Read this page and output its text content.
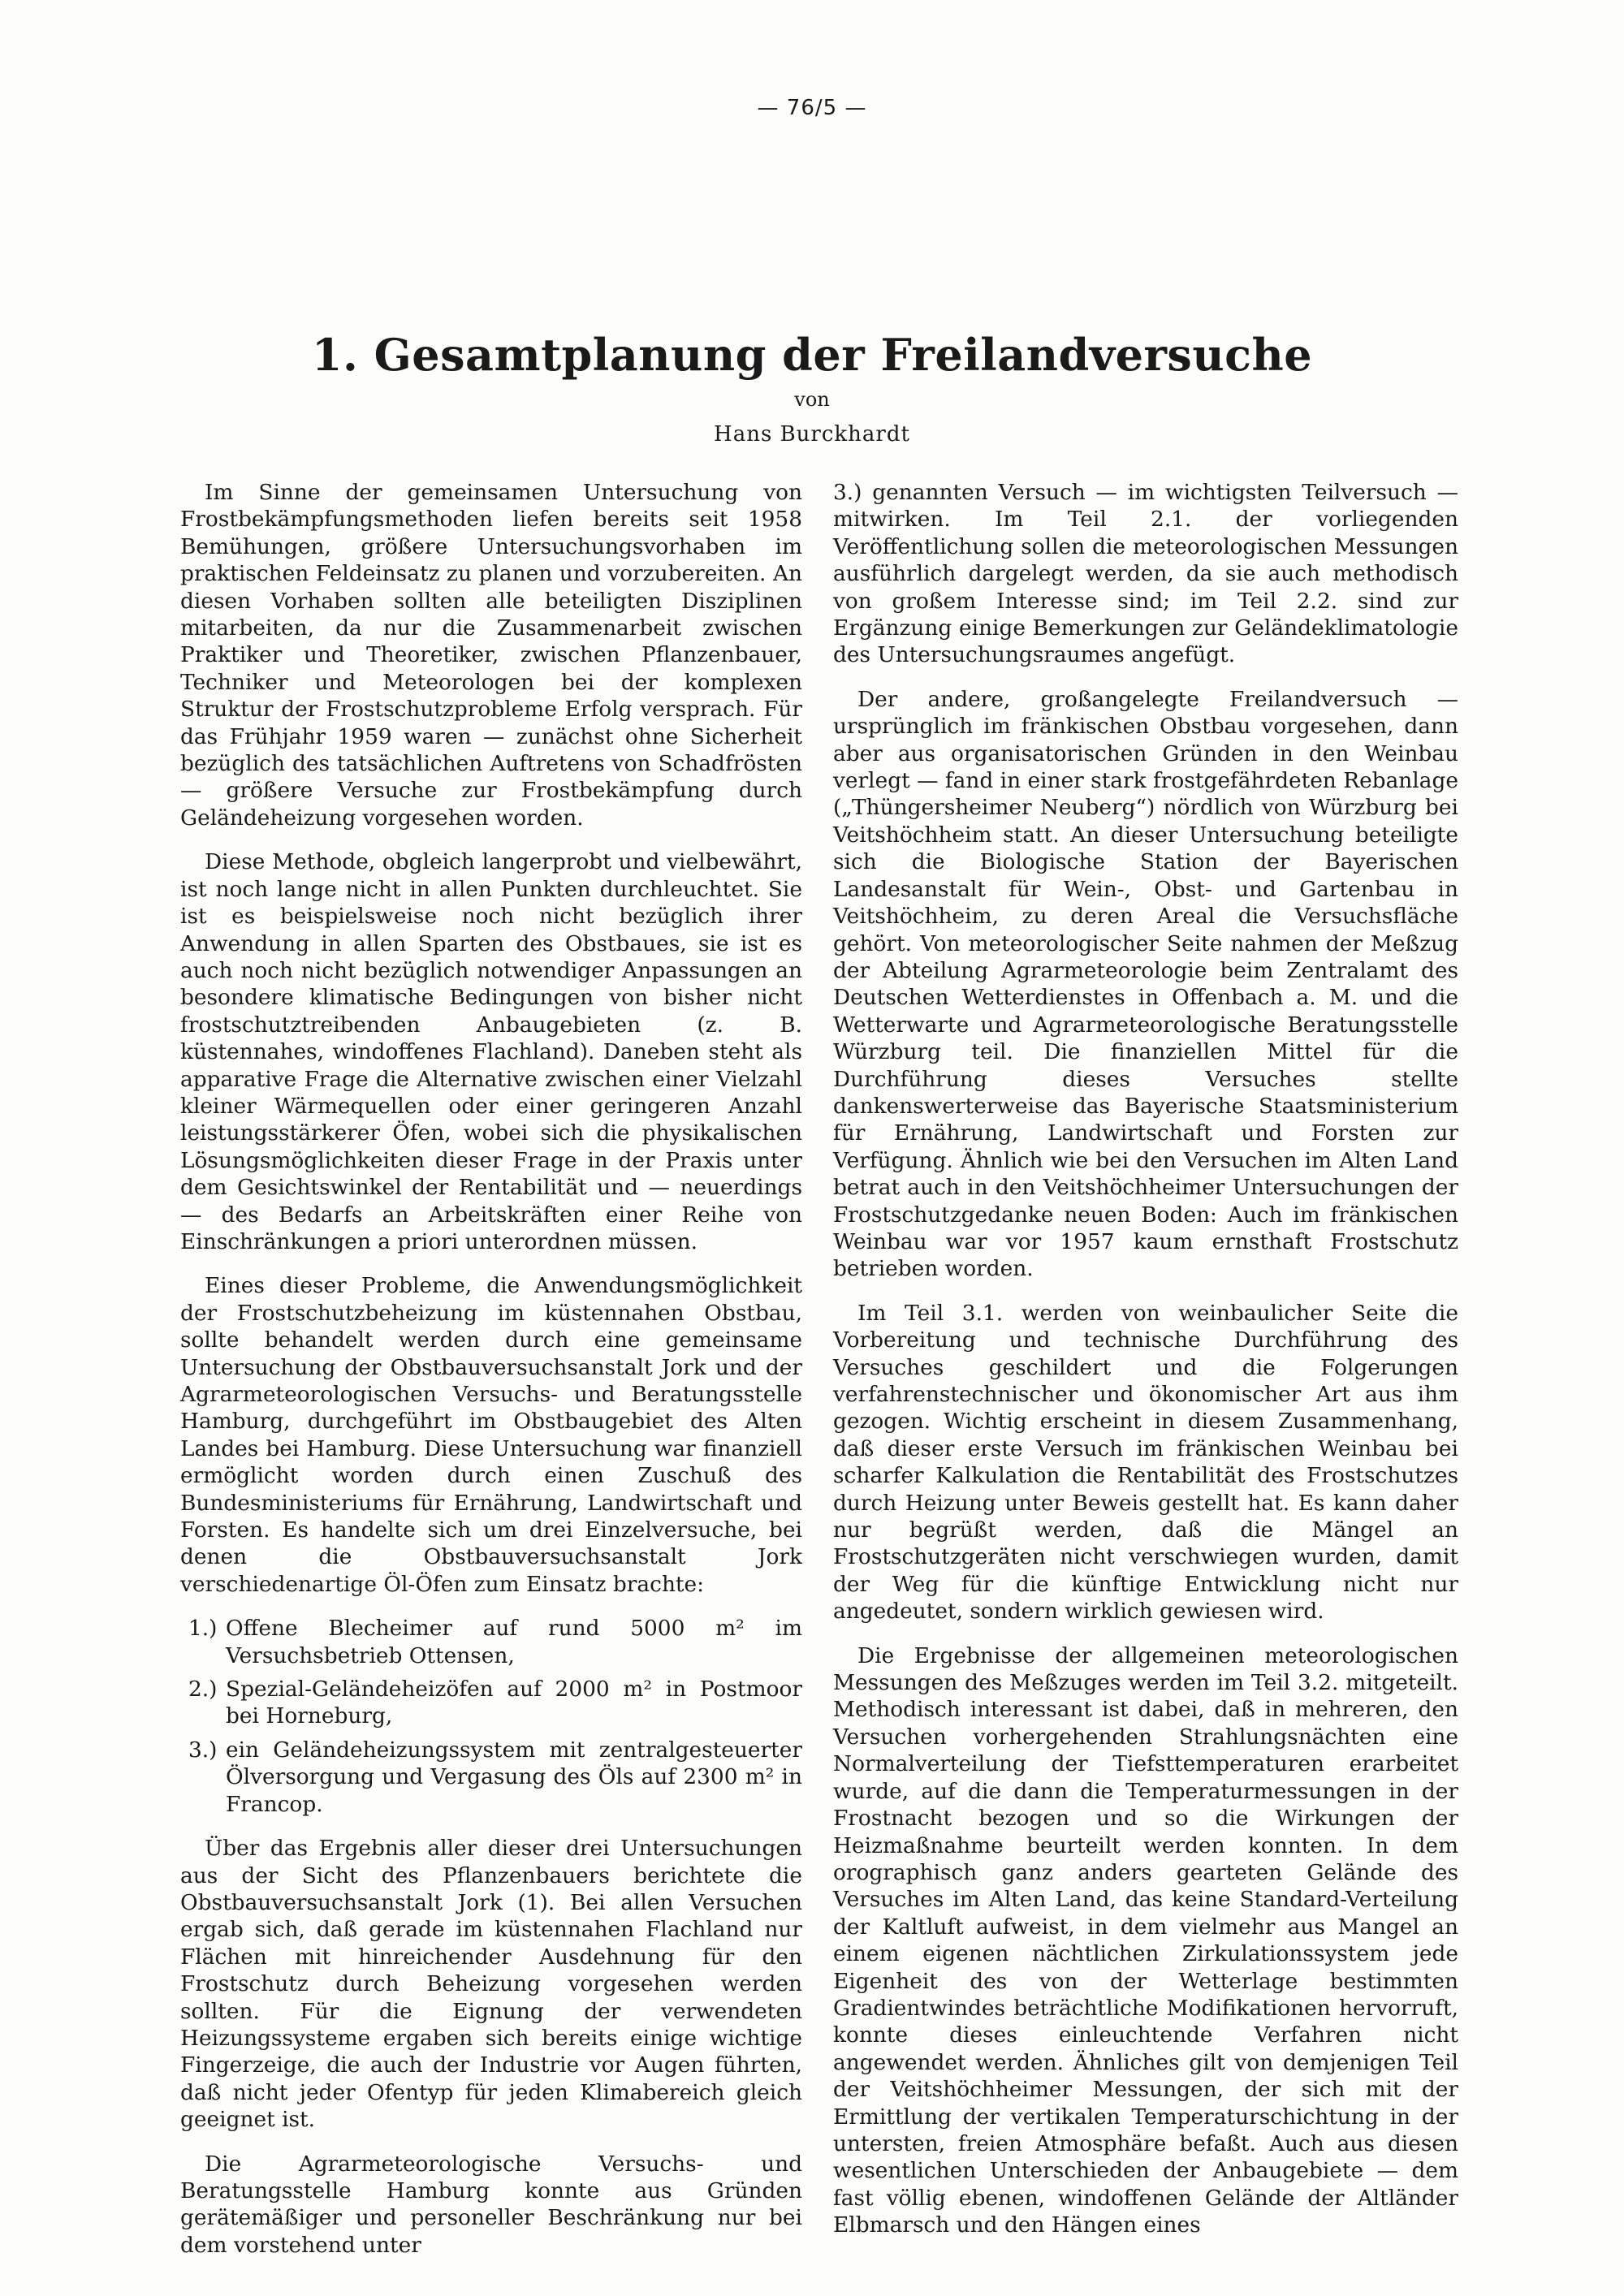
— 76/5 —
1. Gesamtplanung der Freilandversuche
von
Hans Burckhardt

Im Sinne der gemeinsamen Untersuchung von Frostbekämpfungsmethoden liefen bereits seit 1958 Bemühungen, größere Untersuchungsvorhaben im praktischen Feldeinsatz zu planen und vorzubereiten. An diesen Vorhaben sollten alle beteiligten Disziplinen mitarbeiten, da nur die Zusammenarbeit zwischen Praktiker und Theoretiker, zwischen Pflanzenbauer, Techniker und Meteorologen bei der komplexen Struktur der Frostschutzprobleme Erfolg versprach. Für das Frühjahr 1959 waren — zunächst ohne Sicherheit bezüglich des tatsächlichen Auftretens von Schadfrösten — größere Versuche zur Frostbekämpfung durch Geländeheizung vorgesehen worden.

Diese Methode, obgleich langerprobt und vielbewährt, ist noch lange nicht in allen Punkten durchleuchtet. Sie ist es beispielsweise noch nicht bezüglich ihrer Anwendung in allen Sparten des Obstbaues, sie ist es auch noch nicht bezüglich notwendiger Anpassungen an besondere klimatische Bedingungen von bisher nicht frostschutztreibenden Anbaugebieten (z. B. küstennahes, windoffenes Flachland). Daneben steht als apparative Frage die Alternative zwischen einer Vielzahl kleiner Wärmequellen oder einer geringeren Anzahl leistungsstärkerer Öfen, wobei sich die physikalischen Lösungsmöglichkeiten dieser Frage in der Praxis unter dem Gesichtswinkel der Rentabilität und — neuerdings — des Bedarfs an Arbeitskräften einer Reihe von Einschränkungen a priori unterordnen müssen.

Eines dieser Probleme, die Anwendungsmöglichkeit der Frostschutzbeheizung im küstennahen Obstbau, sollte behandelt werden durch eine gemeinsame Untersuchung der Obstbauversuchsanstalt Jork und der Agrarmeteorologischen Versuchs- und Beratungsstelle Hamburg, durchgeführt im Obstbaugebiet des Alten Landes bei Hamburg. Diese Untersuchung war finanziell ermöglicht worden durch einen Zuschuß des Bundesministeriums für Ernährung, Landwirtschaft und Forsten. Es handelte sich um drei Einzelversuche, bei denen die Obstbauversuchsanstalt Jork verschiedenartige Öl-Öfen zum Einsatz brachte:

1.) Offene Blecheimer auf rund 5000 m² im Versuchsbetrieb Ottensen,
2.) Spezial-Geländeheizöfen auf 2000 m² in Postmoor bei Horneburg,
3.) ein Geländeheizungssystem mit zentralgesteuerter Ölversorgung und Vergasung des Öls auf 2300 m² in Francop.

Über das Ergebnis aller dieser drei Untersuchungen aus der Sicht des Pflanzenbauers berichtete die Obstbauversuchsanstalt Jork (1). Bei allen Versuchen ergab sich, daß gerade im küstennahen Flachland nur Flächen mit hinreichender Ausdehnung für den Frostschutz durch Beheizung vorgesehen werden sollten. Für die Eignung der verwendeten Heizungssysteme ergaben sich bereits einige wichtige Fingerzeige, die auch der Industrie vor Augen führten, daß nicht jeder Ofentyp für jeden Klimabereich gleich geeignet ist.

Die Agrarmeteorologische Versuchs- und Beratungsstelle Hamburg konnte aus Gründen gerätemäßiger und personeller Beschränkung nur bei dem vorstehend unter

3.) genannten Versuch — im wichtigsten Teilversuch — mitwirken. Im Teil 2.1. der vorliegenden Veröffentlichung sollen die meteorologischen Messungen ausführlich dargelegt werden, da sie auch methodisch von großem Interesse sind; im Teil 2.2. sind zur Ergänzung einige Bemerkungen zur Geländeklimatologie des Untersuchungsraumes angefügt.

Der andere, großangelegte Freilandversuch — ursprünglich im fränkischen Obstbau vorgesehen, dann aber aus organisatorischen Gründen in den Weinbau verlegt — fand in einer stark frostgefährdeten Rebanlage („Thüngersheimer Neuberg“) nördlich von Würzburg bei Veitshöchheim statt. An dieser Untersuchung beteiligte sich die Biologische Station der Bayerischen Landesanstalt für Wein-, Obst- und Gartenbau in Veitshöchheim, zu deren Areal die Versuchsfläche gehört. Von meteorologischer Seite nahmen der Meßzug der Abteilung Agrarmeteorologie beim Zentralamt des Deutschen Wetterdienstes in Offenbach a. M. und die Wetterwarte und Agrarmeteorologische Beratungsstelle Würzburg teil. Die finanziellen Mittel für die Durchführung dieses Versuches stellte dankenswerterweise das Bayerische Staatsministerium für Ernährung, Landwirtschaft und Forsten zur Verfügung. Ähnlich wie bei den Versuchen im Alten Land betrat auch in den Veitshöchheimer Untersuchungen der Frostschutzgedanke neuen Boden: Auch im fränkischen Weinbau war vor 1957 kaum ernsthaft Frostschutz betrieben worden.

Im Teil 3.1. werden von weinbaulicher Seite die Vorbereitung und technische Durchführung des Versuches geschildert und die Folgerungen verfahrenstechnischer und ökonomischer Art aus ihm gezogen. Wichtig erscheint in diesem Zusammenhang, daß dieser erste Versuch im fränkischen Weinbau bei scharfer Kalkulation die Rentabilität des Frostschutzes durch Heizung unter Beweis gestellt hat. Es kann daher nur begrüßt werden, daß die Mängel an Frostschutzgeräten nicht verschwiegen wurden, damit der Weg für die künftige Entwicklung nicht nur angedeutet, sondern wirklich gewiesen wird.

Die Ergebnisse der allgemeinen meteorologischen Messungen des Meßzuges werden im Teil 3.2. mitgeteilt. Methodisch interessant ist dabei, daß in mehreren, den Versuchen vorhergehenden Strahlungsnächten eine Normalverteilung der Tiefsttemperaturen erarbeitet wurde, auf die dann die Temperaturmessungen in der Frostnacht bezogen und so die Wirkungen der Heizmaßnahme beurteilt werden konnten. In dem orographisch ganz anders gearteten Gelände des Versuches im Alten Land, das keine Standard-Verteilung der Kaltluft aufweist, in dem vielmehr aus Mangel an einem eigenen nächtlichen Zirkulationssystem jede Eigenheit des von der Wetterlage bestimmten Gradientwindes beträchtliche Modifikationen hervorruft, konnte dieses einleuchtende Verfahren nicht angewendet werden. Ähnliches gilt von demjenigen Teil der Veitshöchheimer Messungen, der sich mit der Ermittlung der vertikalen Temperaturschichtung in der untersten, freien Atmosphäre befaßt. Auch aus diesen wesentlichen Unterschieden der Anbaugebiete — dem fast völlig ebenen, windoffenen Gelände der Altländer Elbmarsch und den Hängen eines
